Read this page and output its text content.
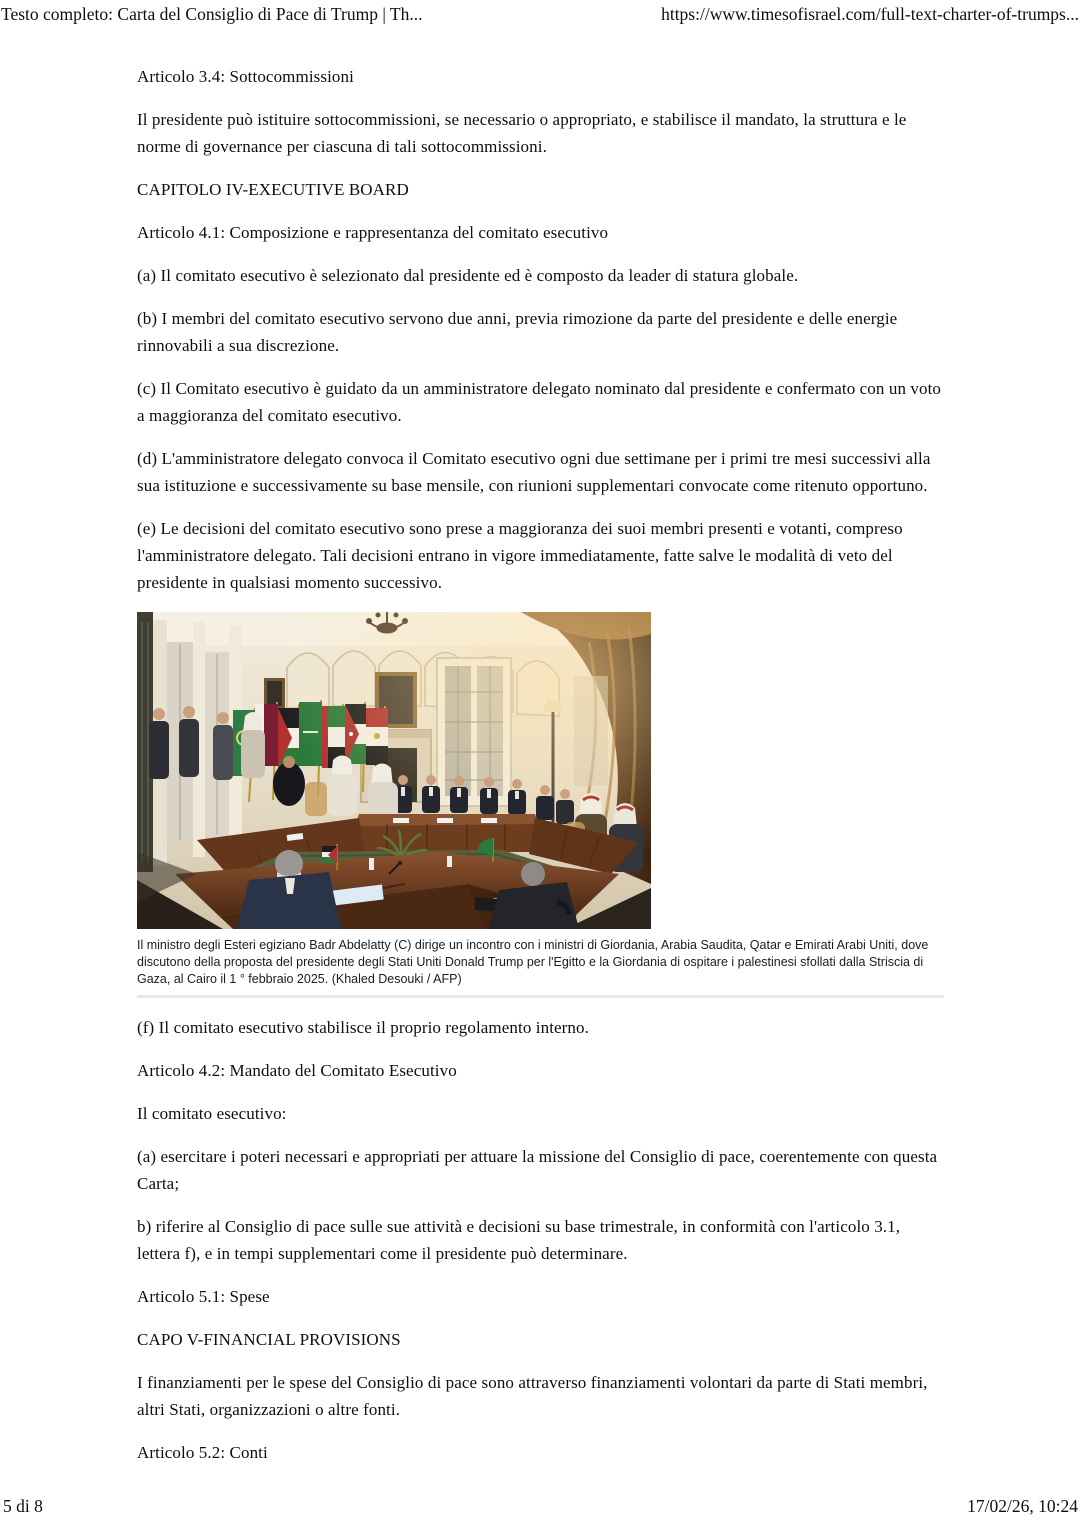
Testo completo: Carta del Consiglio di Pace di Trump | Th...	https://www.timesofisrael.com/full-text-charter-of-trumps...

Articolo 3.4: Sottocommissioni

Il presidente può istituire sottocommissioni, se necessario o appropriato, e stabilisce il mandato, la struttura e le norme di governance per ciascuna di tali sottocommissioni.

CAPITOLO IV-EXECUTIVE BOARD

Articolo 4.1: Composizione e rappresentanza del comitato esecutivo

(a) Il comitato esecutivo è selezionato dal presidente ed è composto da leader di statura globale.

(b) I membri del comitato esecutivo servono due anni, previa rimozione da parte del presidente e delle energie rinnovabili a sua discrezione.

(c) Il Comitato esecutivo è guidato da un amministratore delegato nominato dal presidente e confermato con un voto a maggioranza del comitato esecutivo.

(d) L'amministratore delegato convoca il Comitato esecutivo ogni due settimane per i primi tre mesi successivi alla sua istituzione e successivamente su base mensile, con riunioni supplementari convocate come ritenuto opportuno.

(e) Le decisioni del comitato esecutivo sono prese a maggioranza dei suoi membri presenti e votanti, compreso l'amministratore delegato. Tali decisioni entrano in vigore immediatamente, fatte salve le modalità di veto del presidente in qualsiasi momento successivo.

Il ministro degli Esteri egiziano Badr Abdelatty (C) dirige un incontro con i ministri di Giordania, Arabia Saudita, Qatar e Emirati Arabi Uniti, dove discutono della proposta del presidente degli Stati Uniti Donald Trump per l'Egitto e la Giordania di ospitare i palestinesi sfollati dalla Striscia di Gaza, al Cairo il 1 ° febbraio 2025. (Khaled Desouki / AFP)

(f) Il comitato esecutivo stabilisce il proprio regolamento interno.

Articolo 4.2: Mandato del Comitato Esecutivo

Il comitato esecutivo:

(a) esercitare i poteri necessari e appropriati per attuare la missione del Consiglio di pace, coerentemente con questa Carta;

b) riferire al Consiglio di pace sulle sue attività e decisioni su base trimestrale, in conformità con l'articolo 3.1, lettera f), e in tempi supplementari come il presidente può determinare.

Articolo 5.1: Spese

CAPO V-FINANCIAL PROVISIONS

I finanziamenti per le spese del Consiglio di pace sono attraverso finanziamenti volontari da parte di Stati membri, altri Stati, organizzazioni o altre fonti.

Articolo 5.2: Conti

5 di 8	17/02/26, 10:24
